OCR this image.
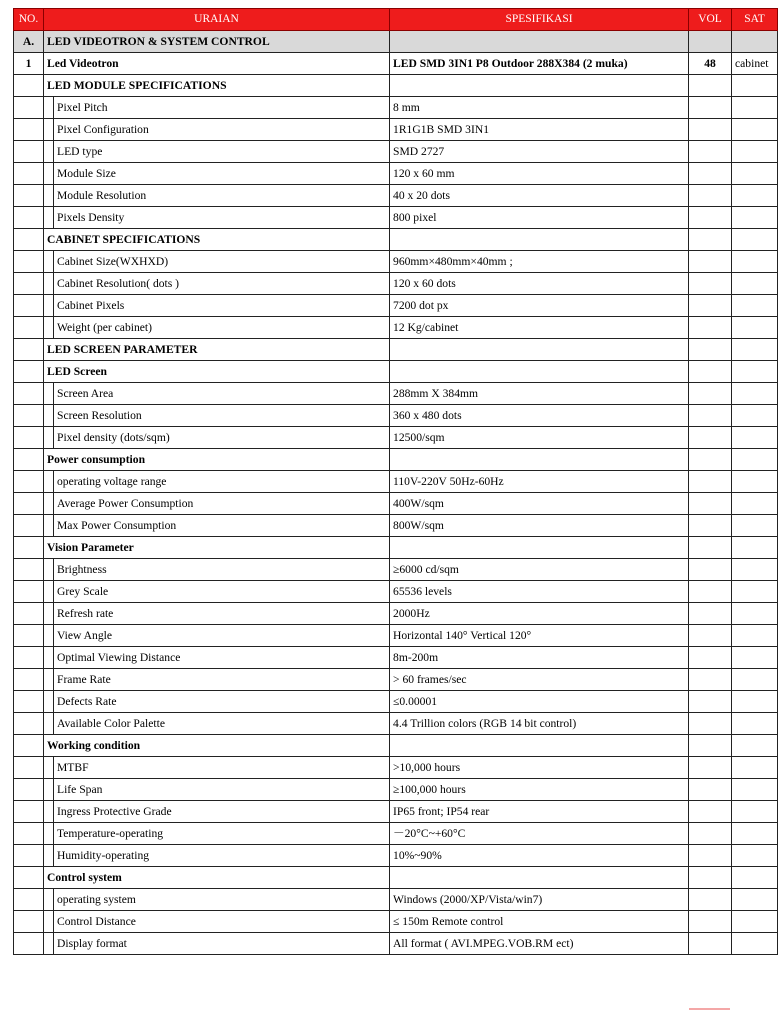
NO.	URAIAN		SPESIFIKASI	VOL	SAT
A.	LED VIDEOTRON & SYSTEM CONTROL				
1	Led Videotron		LED SMD 3IN1 P8 Outdoor 288X384 (2 muka)	48	cabinet
	LED MODULE SPECIFICATIONS				
		Pixel Pitch	8 mm		
		Pixel Configuration	1R1G1B SMD 3IN1		
		LED type	SMD 2727		
		Module Size	120 x 60 mm		
		Module Resolution	40 x 20 dots		
		Pixels Density	800 pixel		
	CABINET SPECIFICATIONS				
		Cabinet Size(WXHXD)	960mm×480mm×40mm ;		
		Cabinet Resolution( dots )	120 x 60 dots		
		Cabinet Pixels	7200 dot px		
		Weight (per cabinet)	12 Kg/cabinet		
	LED SCREEN PARAMETER				
	LED Screen				
		Screen Area	288mm X 384mm		
		Screen Resolution	360 x 480 dots		
		Pixel density (dots/sqm)	12500/sqm		
	Power consumption				
		operating voltage range	110V-220V 50Hz-60Hz		
		Average Power Consumption	400W/sqm		
		Max Power Consumption	800W/sqm		
	Vision Parameter				
		Brightness	≥6000 cd/sqm		
		Grey Scale	65536 levels		
		Refresh rate	2000Hz		
		View Angle	Horizontal 140° Vertical 120°		
		Optimal Viewing Distance	8m-200m		
		Frame Rate	> 60 frames/sec		
		Defects Rate	≤0.00001		
		Available Color Palette	4.4 Trillion colors (RGB 14 bit control)		
	Working condition				
		MTBF	>10,000 hours		
		Life Span	≥100,000 hours		
		Ingress Protective Grade	IP65 front; IP54 rear		
		Temperature-operating	－20°C~+60°C		
		Humidity-operating	10%~90%		
	Control system				
		operating system	Windows (2000/XP/Vista/win7)		
		Control Distance	≤ 150m Remote control		
		Display format	All format ( AVI.MPEG.VOB.RM ect)		
